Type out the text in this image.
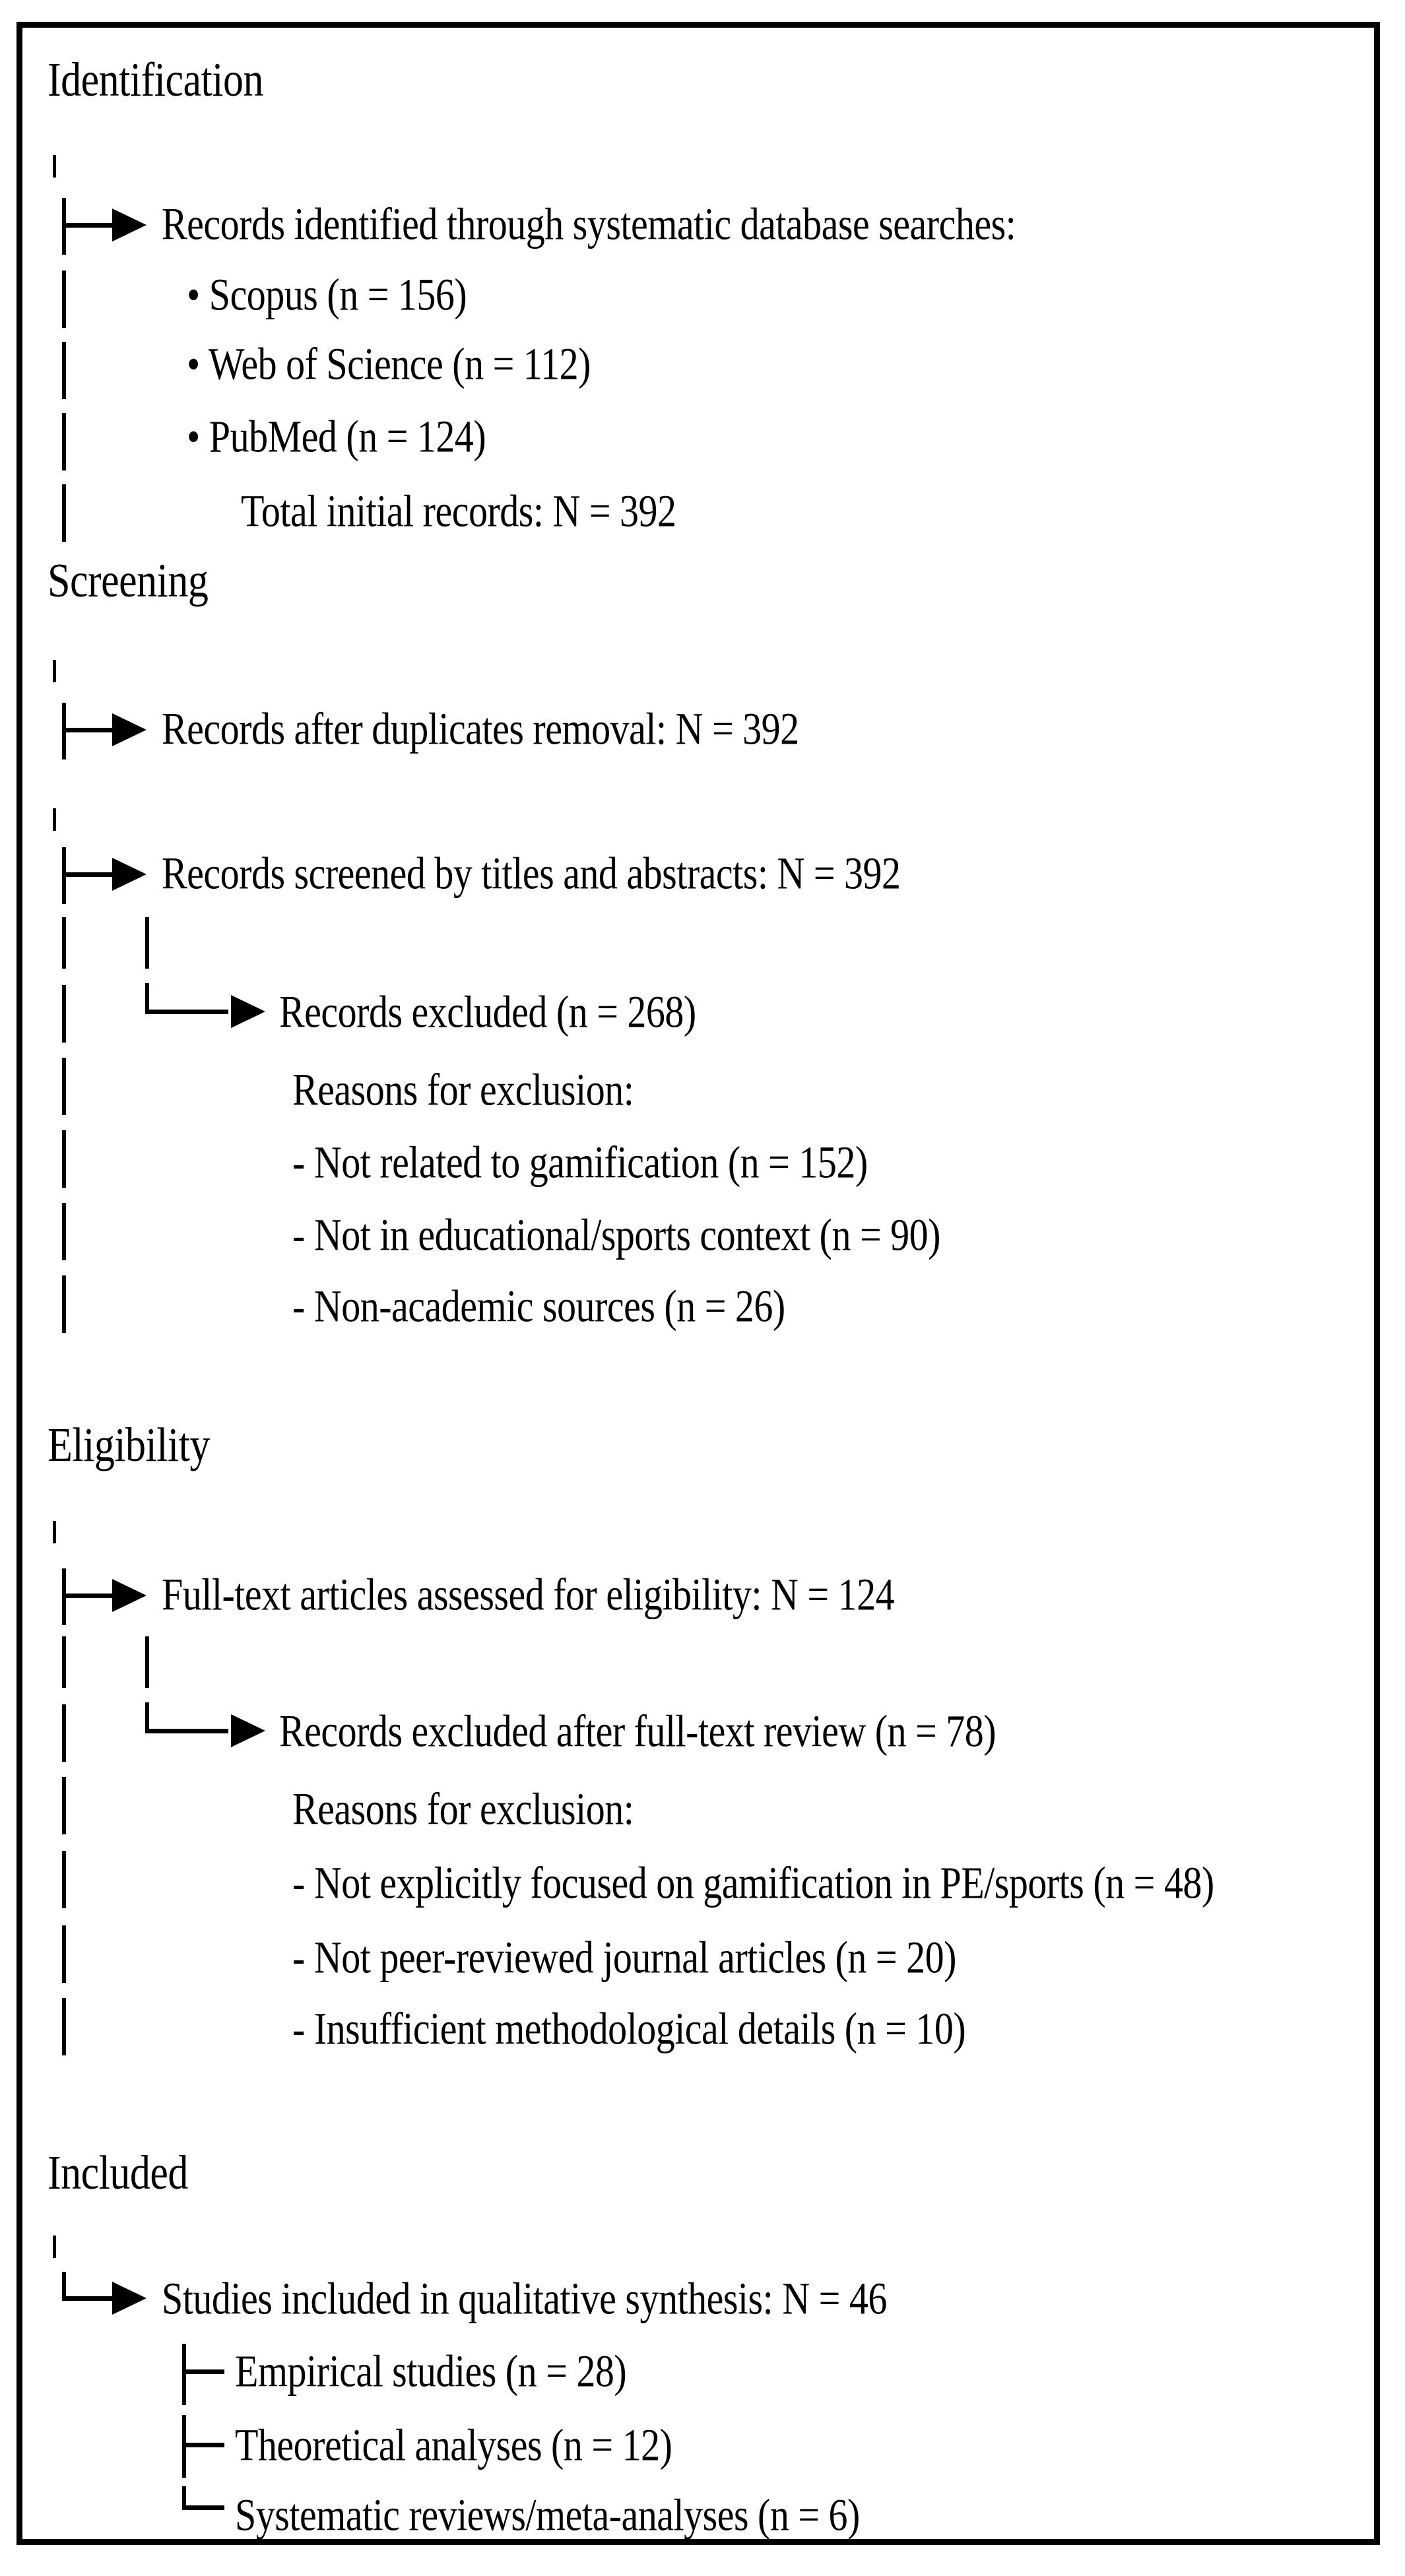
Identification
Records identified through systematic database searches:
• Scopus (n = 156)
• Web of Science (n = 112)
• PubMed (n = 124)
Total initial records: N = 392
Screening
Records after duplicates removal: N = 392
Records screened by titles and abstracts: N = 392
Records excluded (n = 268)
Reasons for exclusion:
- Not related to gamification (n = 152)
- Not in educational/sports context (n = 90)
- Non-academic sources (n = 26)
Eligibility
Full-text articles assessed for eligibility: N = 124
Records excluded after full-text review (n = 78)
Reasons for exclusion:
- Not explicitly focused on gamification in PE/sports (n = 48)
- Not peer-reviewed journal articles (n = 20)
- Insufficient methodological details (n = 10)
Included
Studies included in qualitative synthesis: N = 46
Empirical studies (n = 28)
Theoretical analyses (n = 12)
Systematic reviews/meta-analyses (n = 6)
